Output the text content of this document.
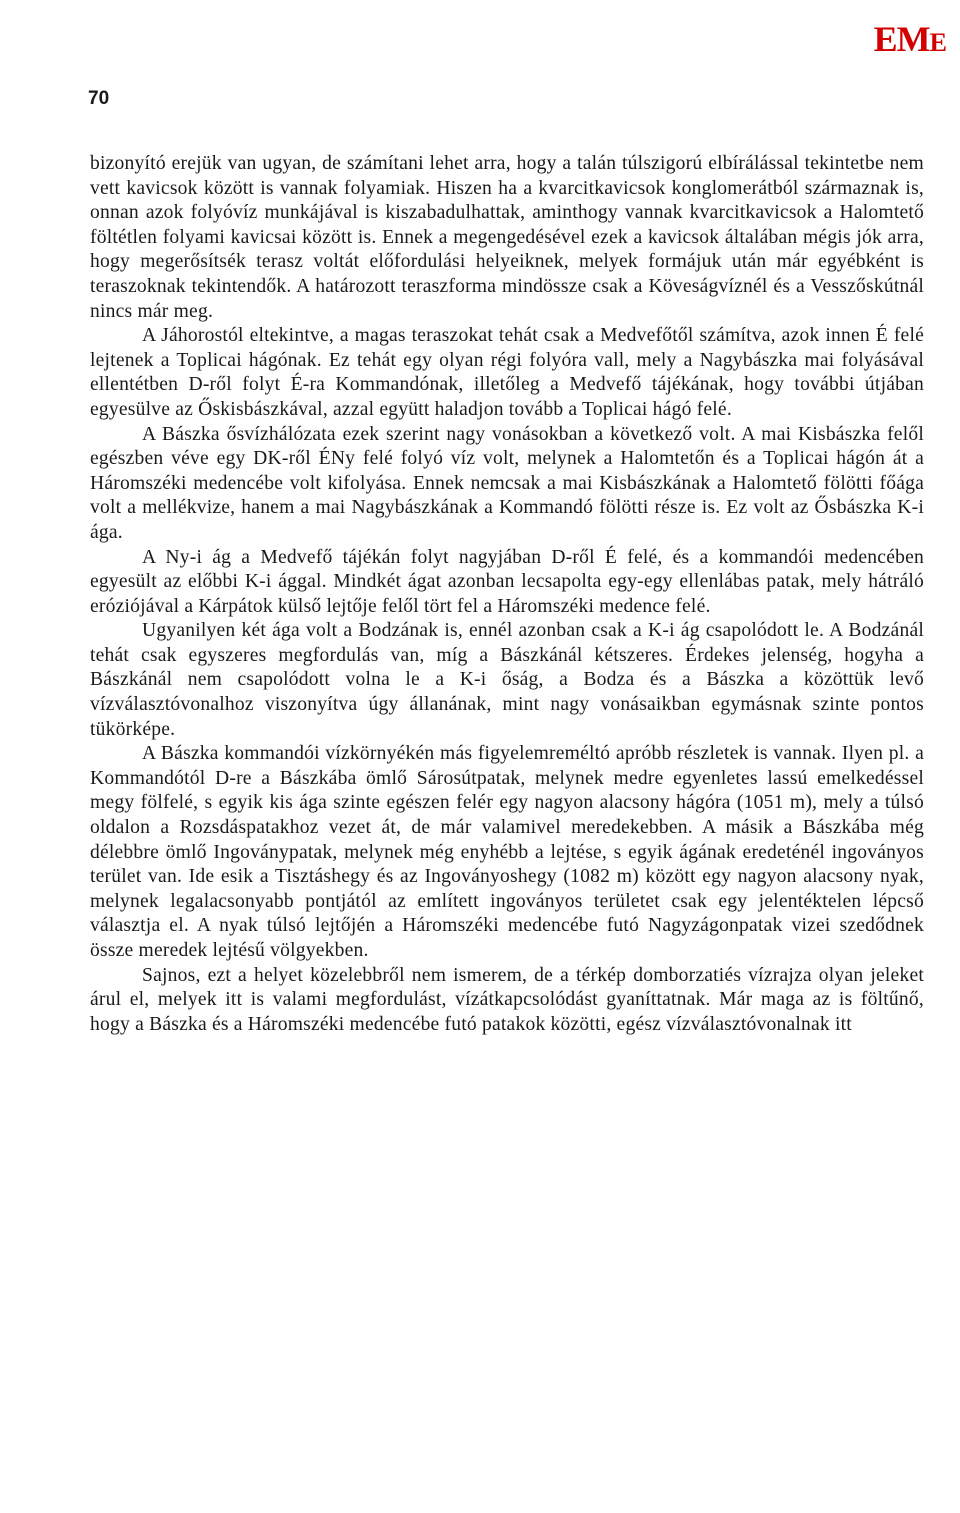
EME
70

bizonyító erejük van ugyan, de számítani lehet arra, hogy a talán túlszigorú elbírálással tekintetbe nem vett kavicsok között is vannak folyamiak. Hiszen ha a kvarcitkavicsok konglomerátból származnak is, onnan azok folyóvíz munkájával is kiszabadulhattak, aminthogy vannak kvarcitkavicsok a Halomtető föltétlen folyami kavicsai között is. Ennek a megengedésével ezek a kavicsok általában mégis jók arra, hogy megerősítsék terasz voltát előfordulási helyeiknek, melyek formájuk után már egyébként is teraszoknak tekintendők. A határozott teraszforma mindössze csak a Köveságvíznél és a Vesszőskútnál nincs már meg.

A Jáhorostól eltekintve, a magas teraszokat tehát csak a Medvefőtől számítva, azok innen É felé lejtenek a Toplicai hágónak. Ez tehát egy olyan régi folyóra vall, mely a Nagybászka mai folyásával ellentétben D-ről folyt É-ra Kommandónak, illetőleg a Medvefő tájékának, hogy további útjában egyesülve az Őskisbászkával, azzal együtt haladjon tovább a Toplicai hágó felé.

A Bászka ősvízhálózata ezek szerint nagy vonásokban a következő volt. A mai Kisbászka felől egészben véve egy DK-ről ÉNy felé folyó víz volt, melynek a Halomtetőn és a Toplicai hágón át a Háromszéki medencébe volt kifolyása. Ennek nemcsak a mai Kisbászkának a Halomtető fölötti főága volt a mellékvize, hanem a mai Nagybászkának a Kommandó fölötti része is. Ez volt az Ősbászka K-i ága.

A Ny-i ág a Medvefő tájékán folyt nagyjában D-ről É felé, és a kommandói medencében egyesült az előbbi K-i ággal. Mindkét ágat azonban lecsapolta egy-egy ellenlábas patak, mely hátráló eróziójával a Kárpátok külső lejtője felől tört fel a Háromszéki medence felé.

Ugyanilyen két ága volt a Bodzának is, ennél azonban csak a K-i ág csapolódott le. A Bodzánál tehát csak egyszeres megfordulás van, míg a Bászkánál kétszeres. Érdekes jelenség, hogyha a Bászkánál nem csapolódott volna le a K-i őság, a Bodza és a Bászka a közöttük levő vízválasztóvonalhoz viszonyítva úgy állanának, mint nagy vonásaikban egymásnak szinte pontos tükörképe.

A Bászka kommandói vízkörnyékén más figyelemreméltó apróbb részletek is vannak. Ilyen pl. a Kommandótól D-re a Bászkába ömlő Sárosútpatak, melynek medre egyenletes lassú emelkedéssel megy fölfelé, s egyik kis ága szinte egészen felér egy nagyon alacsony hágóra (1051 m), mely a túlsó oldalon a Rozsdáspatakhoz vezet át, de már valamivel meredekebben. A másik a Bászkába még délebbre ömlő Ingoványpatak, melynek még enyhébb a lejtése, s egyik ágának eredeténél ingoványos terület van. Ide esik a Tisztáshegy és az Ingoványoshegy (1082 m) között egy nagyon alacsony nyak, melynek legalacsonyabb pontjától az említett ingoványos területet csak egy jelentéktelen lépcső választja el. A nyak túlsó lejtőjén a Háromszéki medencébe futó Nagyzágonpatak vizei szedődnek össze meredek lejtésű völgyekben.

Sajnos, ezt a helyet közelebbről nem ismerem, de a térkép domborzatiés vízrajza olyan jeleket árul el, melyek itt is valami megfordulást, vízátkapcsolódást gyaníttatnak. Már maga az is föltűnő, hogy a Bászka és a Háromszéki medencébe futó patakok közötti, egész vízválasztóvonalnak itt
